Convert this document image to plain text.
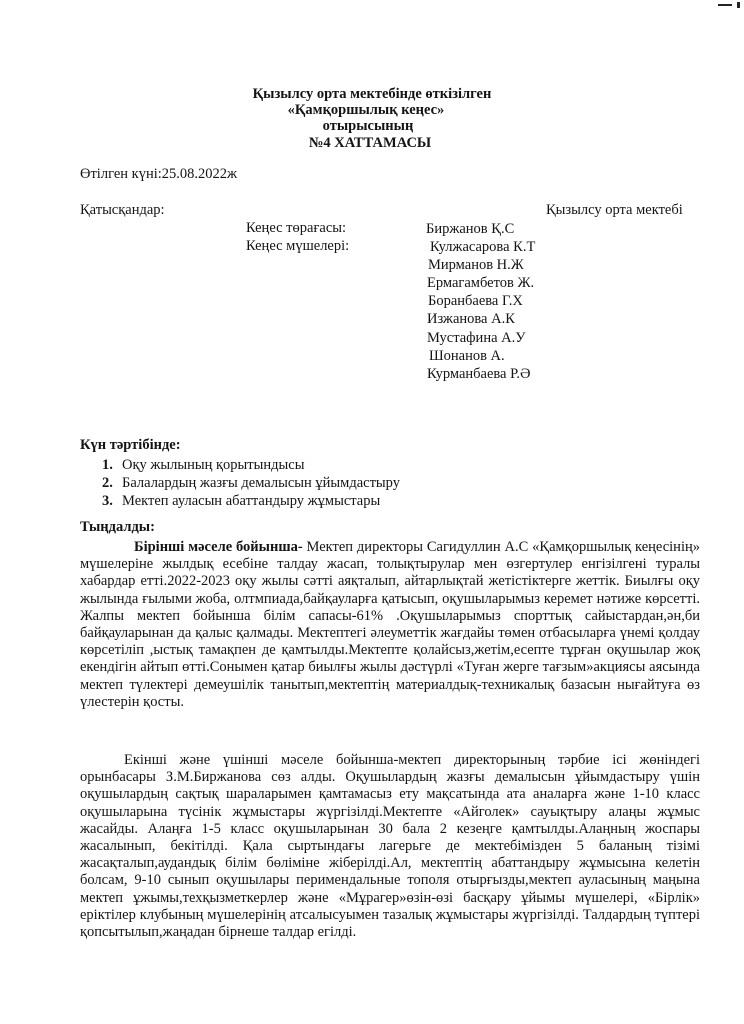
Қызылсу орта мектебінде өткізілген
«Қамқоршылық кеңес»
отырысының
№4 ХАТТАМАСЫ
Өтілген күні:25.08.2022ж
Қатысқандар:	Қызылсу орта мектебі
Кеңес төрағасы:
Кеңес мүшелері:
Биржанов Қ.С
Кулжасарова К.Т
Мирманов Н.Ж
Ермагамбетов Ж.
Боранбаева Г.Х
Изжанова А.К
Мустафина А.У
Шонанов А.
Курманбаева Р.Ә
Күн тәртібінде:
1. Оқу жылының қорытындысы
2. Балалардың жазғы демалысын ұйымдастыру
3. Мектеп ауласын абаттандыру жұмыстары
Тыңдалды:
Бірінші мәселе бойынша- Мектеп директоры Сагидуллин А.С «Қамқоршылық кеңесінің» мүшелеріне жылдық есебіне талдау жасап, толықтырулар мен өзгертулер енгізілгені туралы хабардар етті.2022-2023 оқу жылы сәтті аяқталып, айтарлықтай жетістіктерге жеттік. Биылғы оқу жылында ғылыми жоба, олтмпиада,байқауларға қатысып, оқушыларымыз керемет нәтиже көрсетті. Жалпы мектеп бойынша білім сапасы-61% .Оқушыларымыз спорттық сайыстардан,ән,би байқауларынан да қалыс қалмады. Мектептегі әлеуметтік жағдайы төмен отбасыларға үнемі қолдау көрсетіліп ,ыстық тамақпен де қамтылды.Мектепте қолайсыз,жетім,есепте тұрған оқушылар жоқ екендігін айтып өтті.Сонымен қатар биылғы жылы дәстүрлі «Туған жерге тағзым»акциясы аясында мектеп түлектері демеушілік танытып,мектептің материалдық-техникалық базасын нығайтуға өз үлестерін қосты.
Екінші және үшінші мәселе бойынша-мектеп директорының тәрбие ісі жөніндегі орынбасары З.М.Биржанова сөз алды. Оқушылардың жазғы демалысын ұйымдастыру үшін оқушылардың сақтық шараларымен қамтамасыз ету мақсатында ата аналарға және 1-10 класс оқушыларына түсінік жұмыстары жүргізілді.Мектепте «Айголек» сауықтыру алаңы жұмыс жасайды. Алаңға 1-5 класс оқушыларынан 30 бала 2 кезеңге қамтылды.Алаңның жоспары жасалынып, бекітілді. Қала сыртындағы лагерьге де мектебімізден 5 баланың тізімі жасақталып,аудандық білім бөліміне жіберілді.Ал, мектептің абаттандыру жұмысына келетін болсам, 9-10 сынып оқушылары перимендальные тополя отырғызды,мектеп ауласының маңына мектеп ұжымы,техқызметкерлер және «Мұрагер»өзін-өзі басқару ұйымы мүшелері, «Бірлік» еріктілер клубының мүшелерінің атсалысуымен тазалық жұмыстары жүргізілді. Талдардың түптері қопсытылып,жаңадан бірнеше талдар егілді.
